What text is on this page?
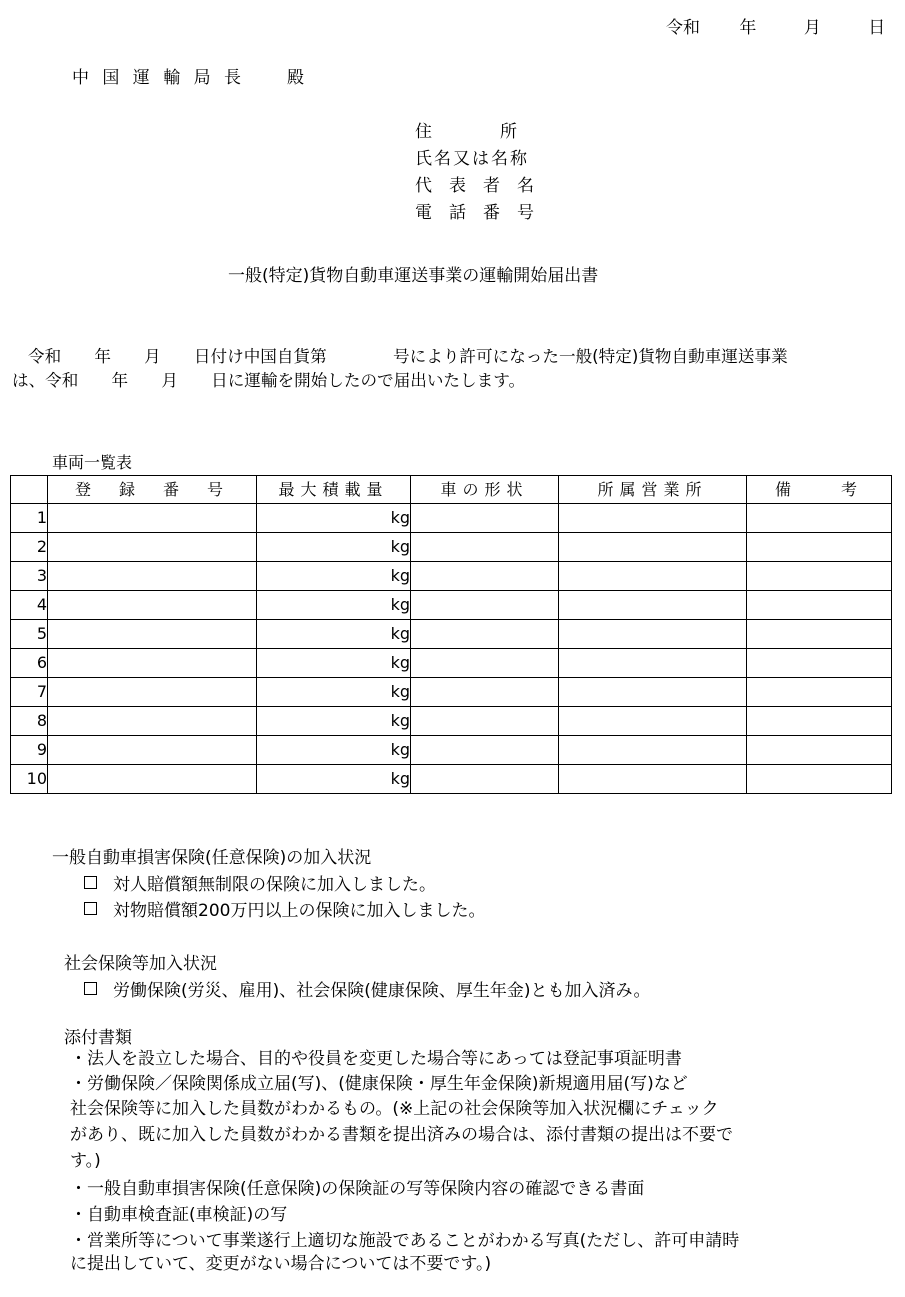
令和 年	月	日
中 国 運 輸 局 長　　殿
住　　　　所
氏名又は名称
代　表　者　名
電　話　番　号
一般(特定)貨物自動車運送事業の運輸開始届出書
令和　　年　　月　　日付け中国自貨第　　　　号により許可になった一般(特定)貨物自動車運送事業
は、令和　　年　　月　　日に運輸を開始したので届出いたします。
車両一覧表
	登　録　番　号	最大積載量	車の形状	所属営業所	備　　考
1		kg			
2		kg			
3		kg			
4		kg			
5		kg			
6		kg			
7		kg			
8		kg			
9		kg			
10		kg			
一般自動車損害保険(任意保険)の加入状況
対人賠償額無制限の保険に加入しました。
対物賠償額200万円以上の保険に加入しました。
社会保険等加入状況
労働保険(労災、雇用)、社会保険(健康保険、厚生年金)とも加入済み。
添付書類
・法人を設立した場合、目的や役員を変更した場合等にあっては登記事項証明書
・労働保険／保険関係成立届(写)、(健康保険・厚生年金保険)新規適用届(写)など
社会保険等に加入した員数がわかるもの。(※上記の社会保険等加入状況欄にチェック
があり、既に加入した員数がわかる書類を提出済みの場合は、添付書類の提出は不要で
す。)
・一般自動車損害保険(任意保険)の保険証の写等保険内容の確認できる書面
・自動車検査証(車検証)の写
・営業所等について事業遂行上適切な施設であることがわかる写真(ただし、許可申請時
に提出していて、変更がない場合については不要です。)
